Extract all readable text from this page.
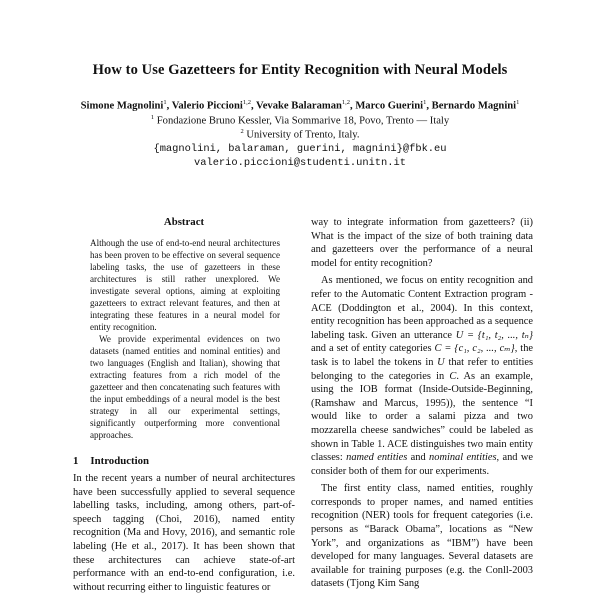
How to Use Gazetteers for Entity Recognition with Neural Models
Simone Magnolini$^1$, Valerio Piccioni$^{1,2}$, Vevake Balaraman$^{1,2}$, Marco Guerini$^1$, Bernardo Magnini$^1$
$^1$ Fondazione Bruno Kessler, Via Sommarive 18, Povo, Trento — Italy
$^2$ University of Trento, Italy.
{magnolini, balaraman, guerini, magnini}@fbk.eu
valerio.piccioni@studenti.unitn.it
Abstract

Although the use of end-to-end neural architectures has been proven to be effective on several sequence labeling tasks, the use of gazetteers in these architectures is still rather unexplored. We investigate several options, aiming at exploiting gazetteers to extract relevant features, and then at integrating these features in a neural model for entity recognition.

We provide experimental evidences on two datasets (named entities and nominal entities) and two languages (English and Italian), showing that extracting features from a rich model of the gazetteer and then concatenating such features with the input embeddings of a neural model is the best strategy in all our experimental settings, significantly outperforming more conventional approaches.

1 Introduction

In the recent years a number of neural architectures have been successfully applied to several sequence labelling tasks, including, among others, part-of-speech tagging (Choi, 2016), named entity recognition (Ma and Hovy, 2016), and semantic role labeling (He et al., 2017). It has been shown that these architectures can achieve state-of-art performance with an end-to-end configuration, i.e. without recurring either to linguistic features or

way to integrate information from gazetteers? (ii) What is the impact of the size of both training data and gazetteers over the performance of a neural model for entity recognition?

As mentioned, we focus on entity recognition and refer to the Automatic Content Extraction program - ACE (Doddington et al., 2004). In this context, entity recognition has been approached as a sequence labeling task. Given an utterance U = {t₁, t₂, ..., tₙ} and a set of entity categories C = {c₁, c₂, ..., cₘ}, the task is to label the tokens in U that refer to entities belonging to the categories in C. As an example, using the IOB format (Inside-Outside-Beginning, (Ramshaw and Marcus, 1995)), the sentence “I would like to order a salami pizza and two mozzarella cheese sandwiches” could be labeled as shown in Table 1. ACE distinguishes two main entity classes: named entities and nominal entities, and we consider both of them for our experiments.

The first entity class, named entities, roughly corresponds to proper names, and named entities recognition (NER) tools for frequent categories (i.e. persons as “Barack Obama”, locations as “New York”, and organizations as “IBM”) have been developed for many languages. Several datasets are available for training purposes (e.g. the Conll-2003 datasets (Tjong Kim Sang
